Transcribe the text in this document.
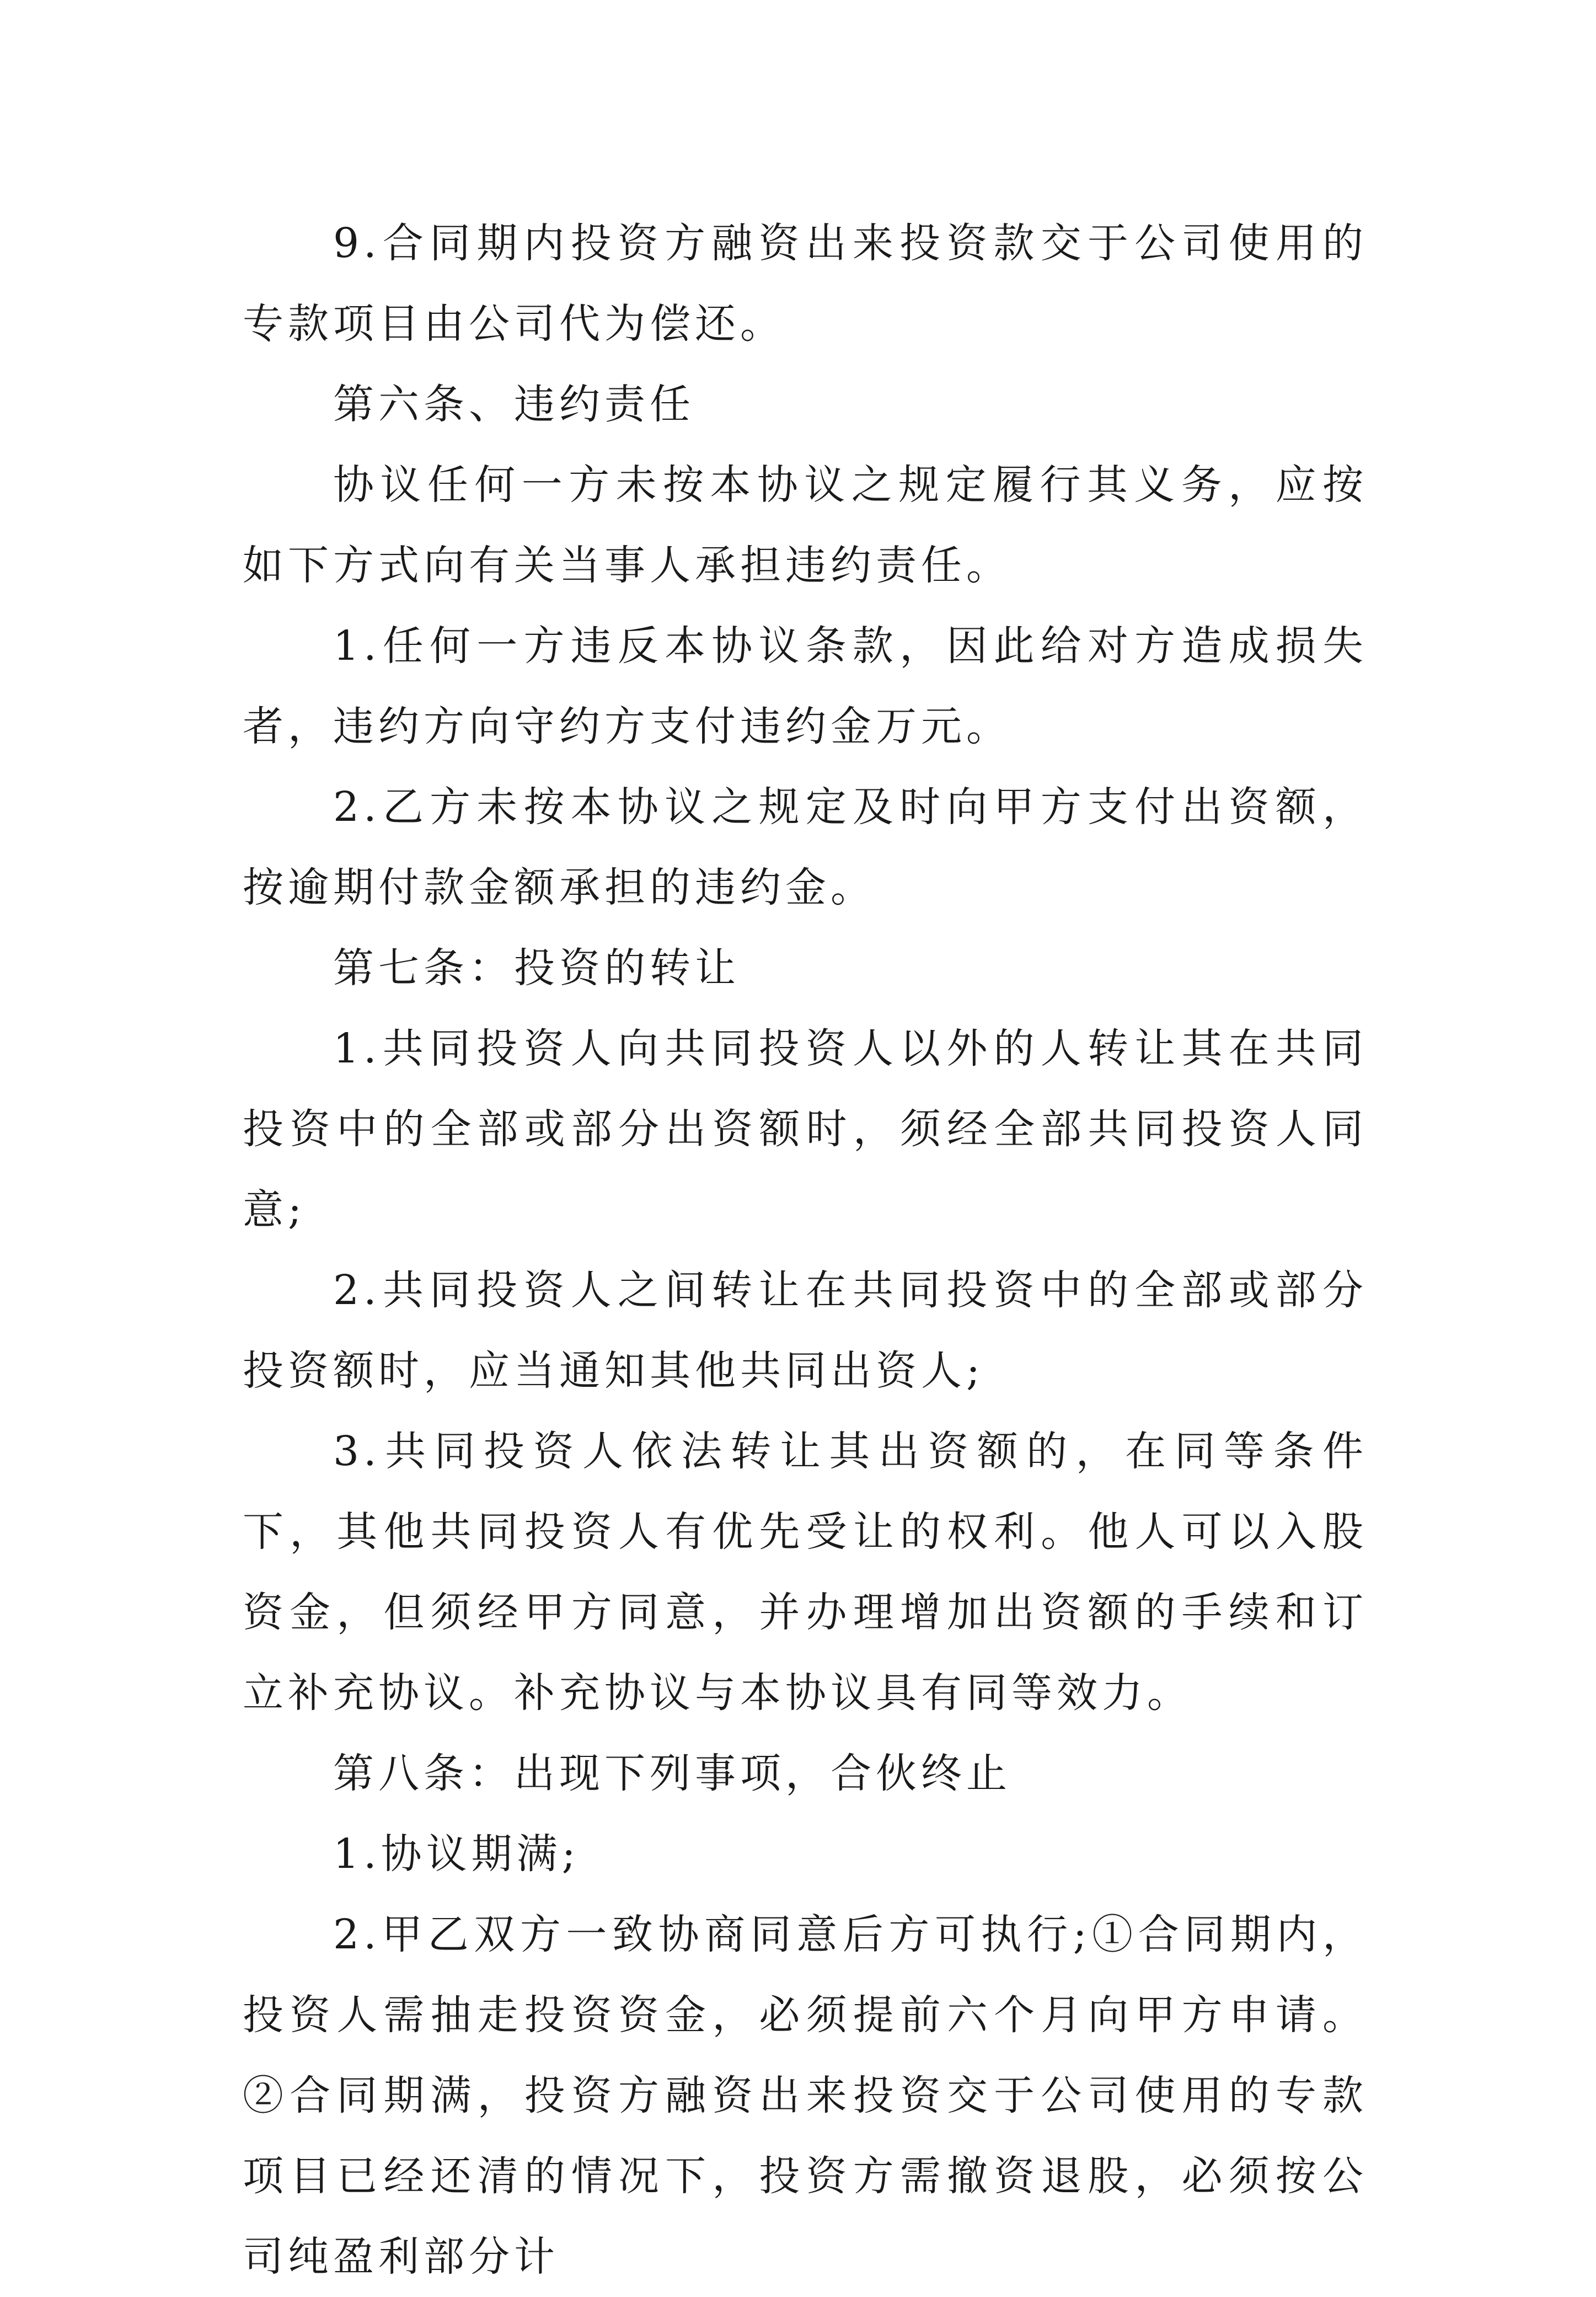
9.合同期内投资方融资出来投资款交于公司使用的专款项目由公司代为偿还。

第六条、违约责任

协议任何一方未按本协议之规定履行其义务，应按如下方式向有关当事人承担违约责任。

1.任何一方违反本协议条款，因此给对方造成损失者，违约方向守约方支付违约金万元。

2.乙方未按本协议之规定及时向甲方支付出资额，按逾期付款金额承担的违约金。

第七条：投资的转让

1.共同投资人向共同投资人以外的人转让其在共同投资中的全部或部分出资额时，须经全部共同投资人同意;

2.共同投资人之间转让在共同投资中的全部或部分投资额时，应当通知其他共同出资人;

3.共同投资人依法转让其出资额的，在同等条件下，其他共同投资人有优先受让的权利。他人可以入股资金，但须经甲方同意，并办理增加出资额的手续和订立补充协议。补充协议与本协议具有同等效力。

第八条：出现下列事项，合伙终止

1.协议期满;

2.甲乙双方一致协商同意后方可执行;①合同期内，投资人需抽走投资资金，必须提前六个月向甲方申请。②合同期满，投资方融资出来投资交于公司使用的专款项目已经还清的情况下，投资方需撤资退股，必须按公司纯盈利部分计
